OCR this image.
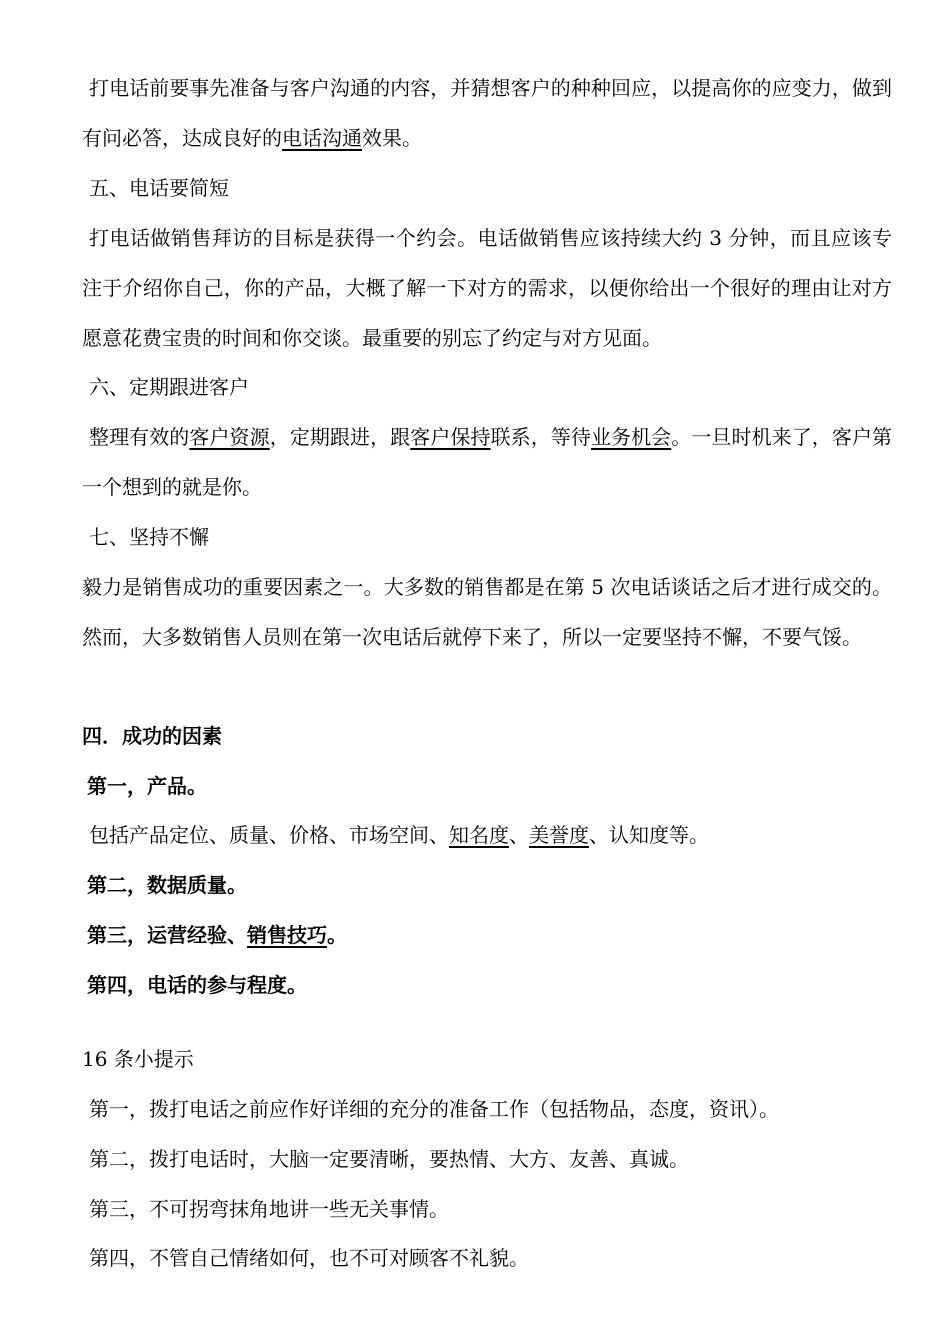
打电话前要事先准备与客户沟通的内容，并猜想客户的种种回应，以提高你的应变力，做到有问必答，达成良好的电话沟通效果。

五、电话要简短

打电话做销售拜访的目标是获得一个约会。电话做销售应该持续大约 3 分钟，而且应该专注于介绍你自己，你的产品，大概了解一下对方的需求，以便你给出一个很好的理由让对方愿意花费宝贵的时间和你交谈。最重要的别忘了约定与对方见面。

六、定期跟进客户

整理有效的客户资源，定期跟进，跟客户保持联系，等待业务机会。一旦时机来了，客户第一个想到的就是你。

七、坚持不懈

毅力是销售成功的重要因素之一。大多数的销售都是在第 5 次电话谈话之后才进行成交的。然而，大多数销售人员则在第一次电话后就停下来了，所以一定要坚持不懈，不要气馁。

四．成功的因素

第一，产品。

包括产品定位、质量、价格、市场空间、知名度、美誉度、认知度等。

第二，数据质量。

第三，运营经验、销售技巧。

第四，电话的参与程度。

16 条小提示

第一，拨打电话之前应作好详细的充分的准备工作（包括物品，态度，资讯）。

第二，拨打电话时，大脑一定要清晰，要热情、大方、友善、真诚。

第三，不可拐弯抹角地讲一些无关事情。

第四，不管自己情绪如何，也不可对顾客不礼貌。
